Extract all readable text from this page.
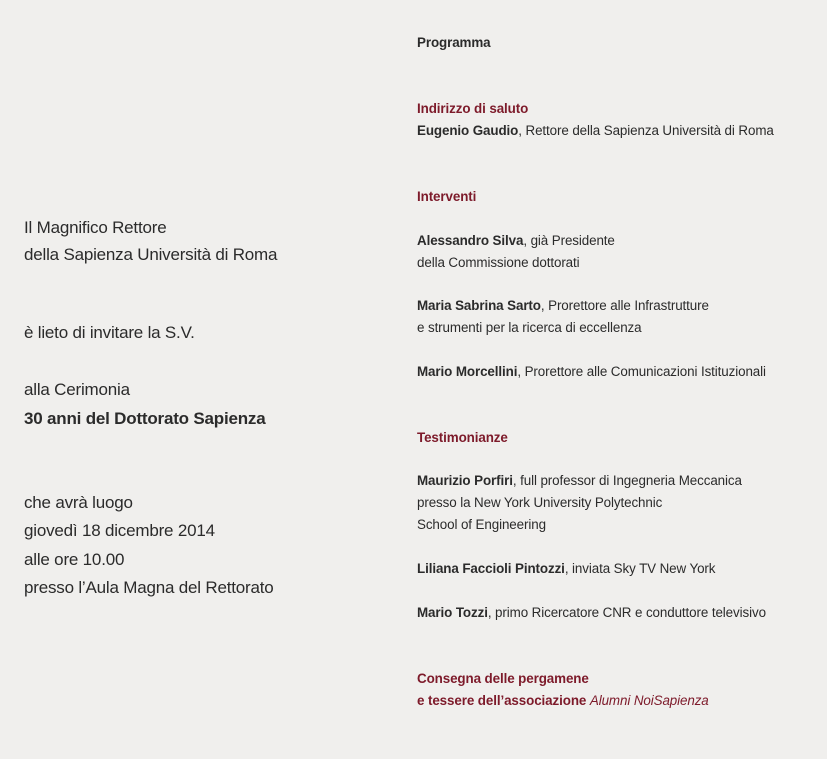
Il Magnifico Rettore
della Sapienza Università di Roma
è lieto di invitare la S.V.
alla Cerimonia
30 anni del Dottorato Sapienza
che avrà luogo
giovedì 18 dicembre 2014
alle ore 10.00
presso l’Aula Magna del Rettorato
Programma
Indirizzo di saluto
Eugenio Gaudio, Rettore della Sapienza Università di Roma
Interventi
Alessandro Silva, già Presidente
della Commissione dottorati
Maria Sabrina Sarto, Prorettore alle Infrastrutture
e strumenti per la ricerca di eccellenza
Mario Morcellini, Prorettore alle Comunicazioni Istituzionali
Testimonianze
Maurizio Porfiri, full professor di Ingegneria Meccanica
presso la New York University Polytechnic
School of Engineering
Liliana Faccioli Pintozzi, inviata Sky TV New York
Mario Tozzi, primo Ricercatore CNR e conduttore televisivo
Consegna delle pergamene
e tessere dell’associazione Alumni NoiSapienza
